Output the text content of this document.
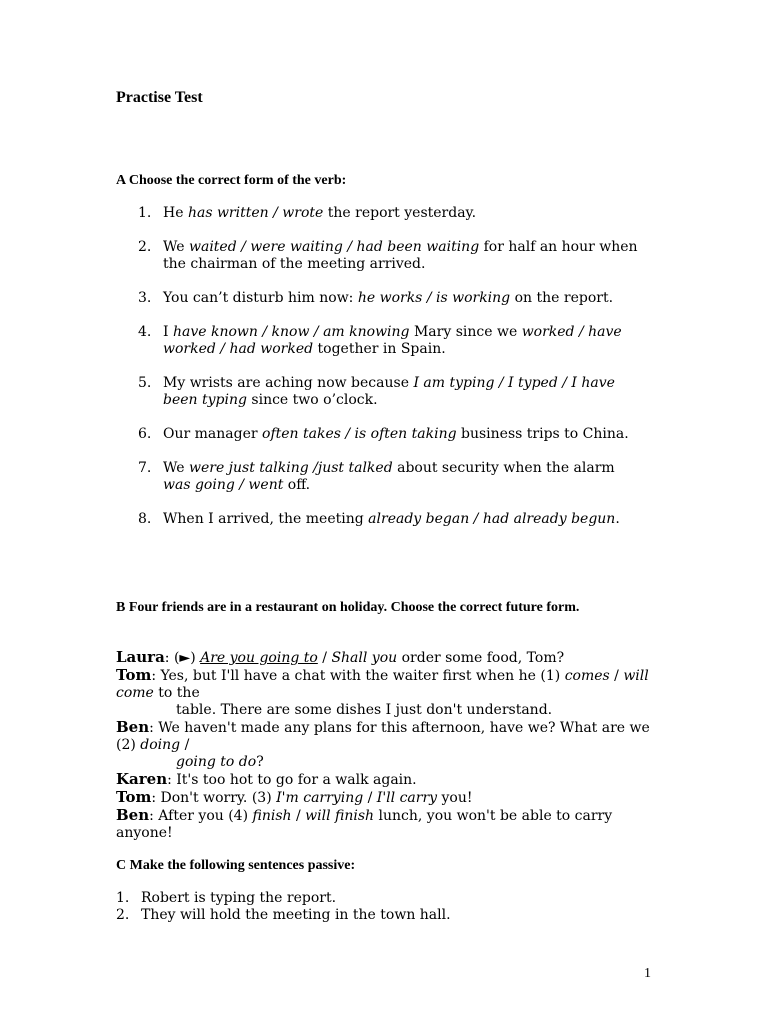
Practise Test
A Choose the correct form of the verb:
1. He has written / wrote the report yesterday.
2. We waited / were waiting / had been waiting for half an hour when the chairman of the meeting arrived.
3. You can’t disturb him now: he works / is working on the report.
4. I have known / know / am knowing Mary since we worked / have worked / had worked together in Spain.
5. My wrists are aching now because I am typing / I typed / I have been typing since two o’clock.
6. Our manager often takes / is often taking business trips to China.
7. We were just talking /just talked about security when the alarm was going / went off.
8. When I arrived, the meeting already began / had already begun.
B Four friends are in a restaurant on holiday. Choose the correct future form.
Laura: (►) Are you going to / Shall you order some food, Tom?
Tom: Yes, but I'll have a chat with the waiter first when he (1) comes / will come to the
table. There are some dishes I just don't understand.
Ben: We haven't made any plans for this afternoon, have we? What are we (2) doing /
going to do?
Karen: It's too hot to go for a walk again.
Tom: Don't worry. (3) I'm carrying / I'll carry you!
Ben: After you (4) finish / will finish lunch, you won't be able to carry anyone!
C Make the following sentences passive:
1. Robert is typing the report.
2. They will hold the meeting in the town hall.
1
